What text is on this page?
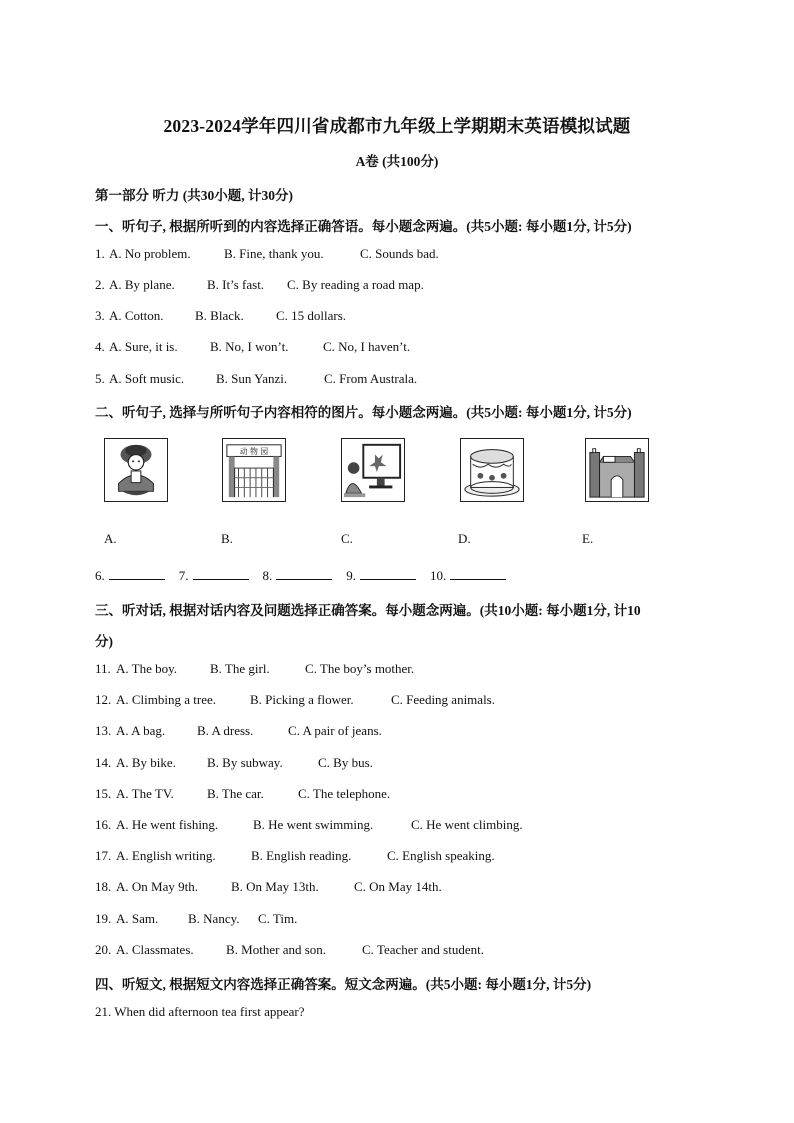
2023-2024学年四川省成都市九年级上学期期末英语模拟试题
A卷 (共100分)
第一部分 听力 (共30小题, 计30分)
一、听句子, 根据所听到的内容选择正确答语。每小题念两遍。(共5小题: 每小题1分, 计5分)
1. A. No problem.	B. Fine, thank you.	C. Sounds bad.
2. A. By plane. B. It’s fast. C. By reading a road map.
3. A. Cotton. B. Black. C. 15 dollars.
4. A. Sure, it is. B. No, I won’t.	C. No, I haven’t.
5. A. Soft music. B. Sun Yanzi.	C. From Australa.
二、听句子, 选择与所听句子内容相符的图片。每小题念两遍。(共5小题: 每小题1分, 计5分)
动 物 园
A.	B.	C.	D.	E.
6.	7.	8.	9.	10.
三、听对话, 根据对话内容及问题选择正确答案。每小题念两遍。(共10小题: 每小题1分, 计10
分)
11. A. The boy.	B. The girl.	C. The boy’s mother.
12. A. Climbing a tree.	B. Picking a flower.	C. Feeding animals.
13. A. A bag. B. A dress.	C. A pair of jeans.
14. A. By bike. B. By subway.	C. By bus.
15. A. The TV.	B. The car.	C. The telephone.
16. A. He went fishing.	B. He went swimming.	C. He went climbing.
17. A. English writing.	B. English reading.	C. English speaking.
18. A. On May 9th.	B. On May 13th.	C. On May 14th.
19. A. Sam. B. Nancy. C. Tim.
20. A. Classmates. B. Mother and son.	C. Teacher and student.
四、听短文, 根据短文内容选择正确答案。短文念两遍。(共5小题: 每小题1分, 计5分)
21. When did afternoon tea first appear?
